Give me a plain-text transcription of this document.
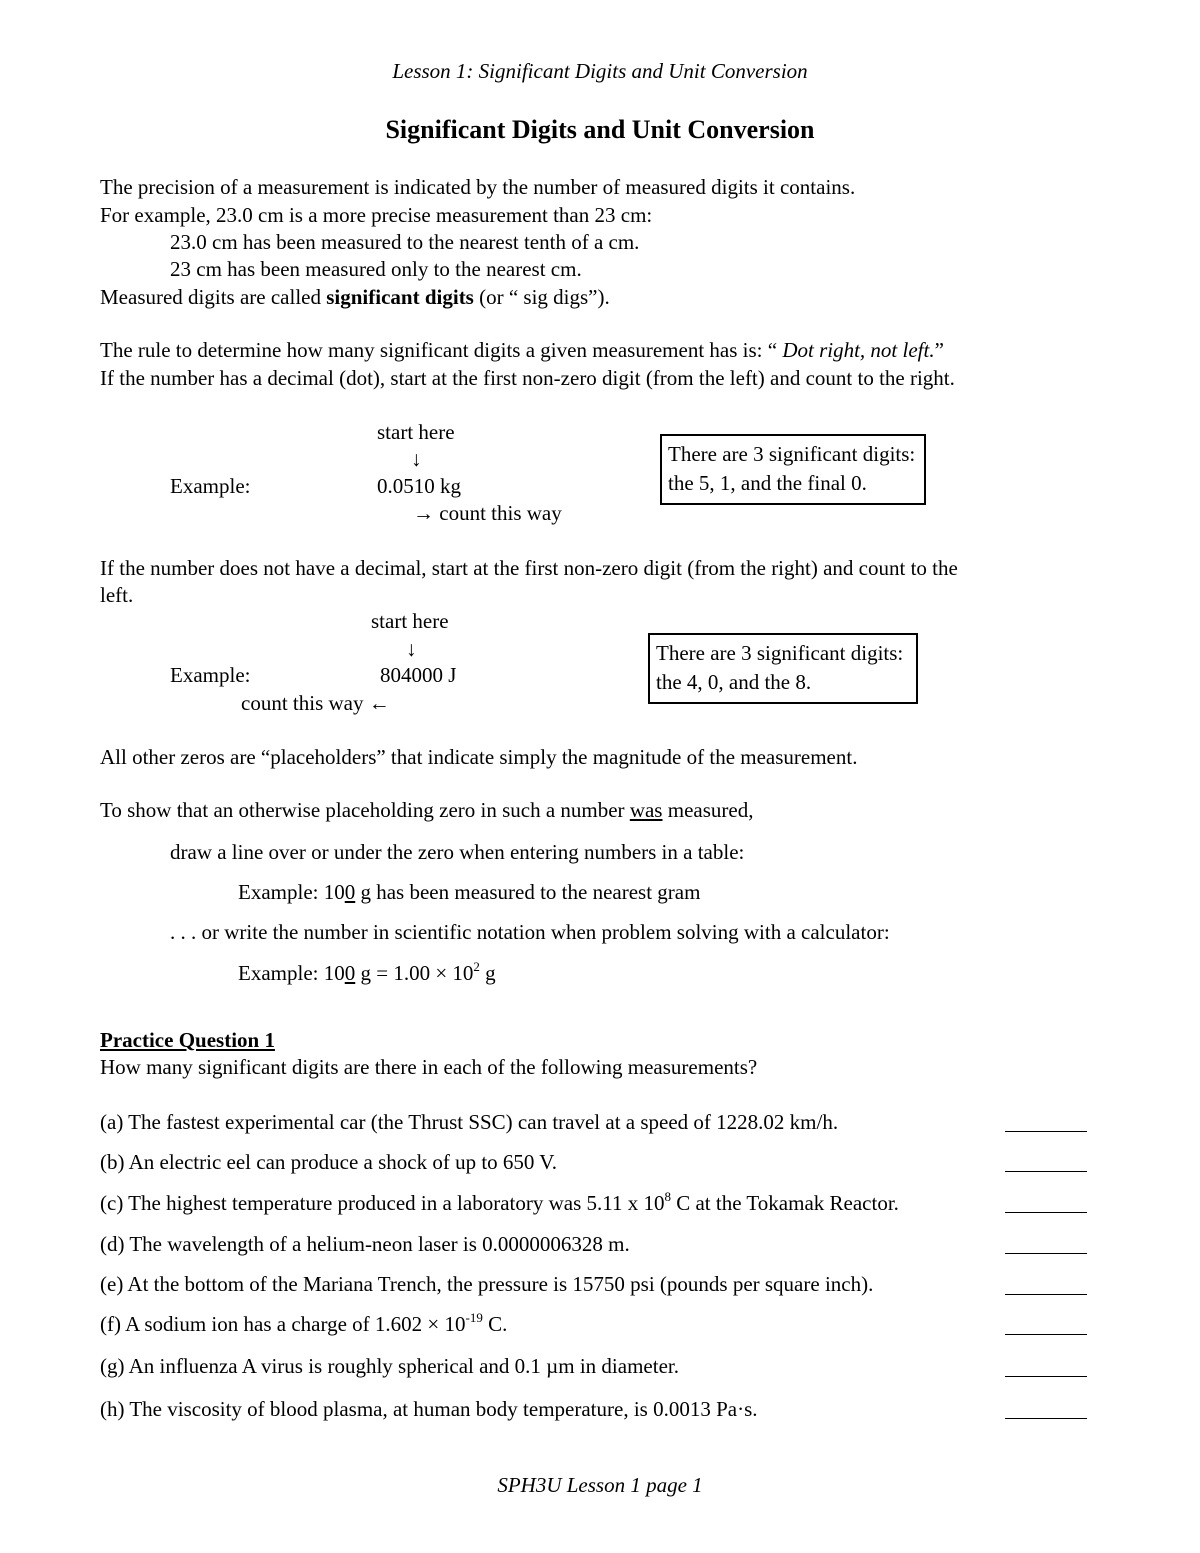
Lesson 1: Significant Digits and Unit Conversion
Significant Digits and Unit Conversion
The precision of a measurement is indicated by the number of measured digits it contains.
For example, 23.0 cm is a more precise measurement than 23 cm:
23.0 cm has been measured to the nearest tenth of a cm.
23 cm has been measured only to the nearest cm.
Measured digits are called significant digits (or “ sig digs”).
The rule to determine how many significant digits a given measurement has is: “ Dot right, not left.”
If the number has a decimal (dot), start at the first non-zero digit (from the left) and count to the right.
start here
↓
Example:	0.0510 kg
→ count this way
There are 3 significant digits:
the 5, 1, and the final 0.
If the number does not have a decimal, start at the first non-zero digit (from the right) and count to the
left.
start here
↓
Example:	804000 J
count this way ←
There are 3 significant digits:
the 4, 0, and the 8.
All other zeros are “placeholders” that indicate simply the magnitude of the measurement.
To show that an otherwise placeholding zero in such a number was measured,
draw a line over or under the zero when entering numbers in a table:
Example: 100 g has been measured to the nearest gram
. . . or write the number in scientific notation when problem solving with a calculator:
Example: 100 $g = 1.00 \times 10^2$ g
Practice Question 1
How many significant digits are there in each of the following measurements?
(a) The fastest experimental car (the Thrust SSC) can travel at a speed of 1228.02 km/h.
(b) An electric eel can produce a shock of up to 650 V.
(c) The highest temperature produced in a laboratory was 5.11 x $10^8$ C at the Tokamak Reactor.
(d) The wavelength of a helium-neon laser is 0.0000006328 m.
(e) At the bottom of the Mariana Trench, the pressure is 15750 psi (pounds per square inch).
(f) A sodium ion has a charge of $1.602 \times 10^{-19}$ C.
(g) An influenza A virus is roughly spherical and 0.1 µm in diameter.
(h) The viscosity of blood plasma, at human body temperature, is 0.0013 Pa·s.
SPH3U Lesson 1 page 1
